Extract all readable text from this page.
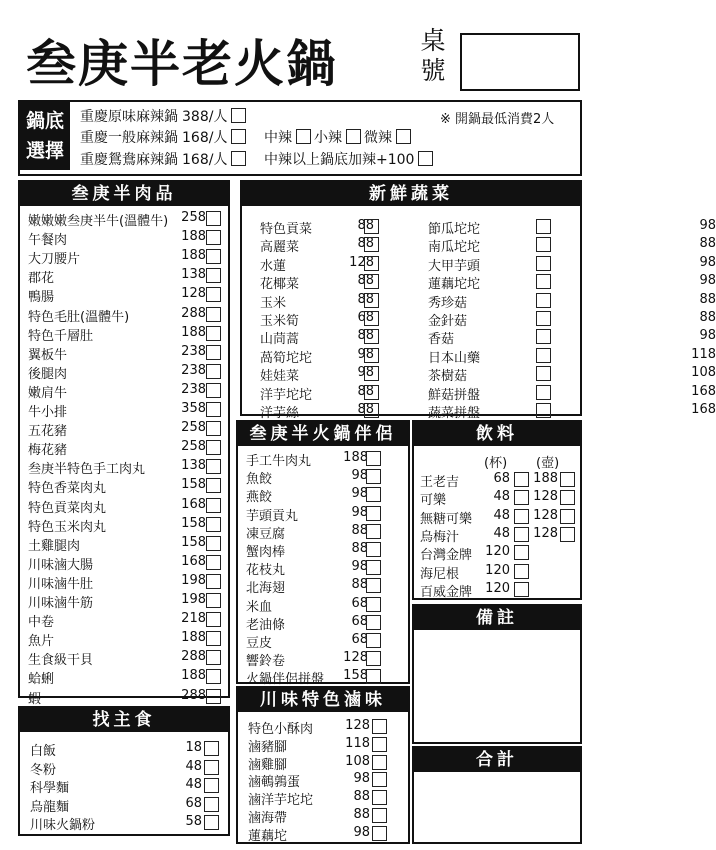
叁庚半老火鍋	桌號
鍋底
選擇
※ 開鍋最低消費2人
重慶原味麻辣鍋 388/人
重慶一般麻辣鍋 168/人
重慶鴛鴦麻辣鍋 168/人
中辣 小辣 微辣
中辣以上鍋底加辣+100
叁庚半肉品
嫩嫩嫩叁庚半牛(溫體牛) 258
午餐肉	188
大刀腰片	188
郡花	138
鴨腸	128
特色毛肚(溫體牛)	288
特色千層肚	188
翼板牛	238
後腿肉	238
嫩肩牛	238
牛小排	358
五花豬	258
梅花豬	258
叁庚半特色手工肉丸	138
特色香菜肉丸	158
特色貢菜肉丸	168
特色玉米肉丸	158
土雞腿肉	158
川味滷大腸	168
川味滷牛肚	198
川味滷牛筋	198
中卷	218
魚片	188
生食級干貝	288
蛤蜊	188
蝦	288
新鮮蔬菜
特色貢菜	88
高麗菜	88
水蓮	128
花椰菜	88
玉米	88
玉米筍	68
山茼蒿	88
萵筍坨坨	98
娃娃菜	98
洋芋坨坨	88
洋芋絲	88
節瓜坨坨	98
南瓜坨坨	88
大甲芋頭	98
蓮藕坨坨	98
秀珍菇	88
金針菇	88
香菇	98
日本山藥	118
茶樹菇	108
鮮菇拼盤	168
蔬菜拼盤	168
叁庚半火鍋伴侶
手工牛肉丸 188
魚餃	98
燕餃	98
芋頭貢丸	98
凍豆腐	88
蟹肉棒	88
花枝丸	98
北海翅	88
米血	68
老油條	68
豆皮	68
響鈴卷	128
火鍋伴侶拼盤 158
飲料
(杯) (壺)
王老吉	68 188
可樂	48 128
無糖可樂 48 128
烏梅汁	48 128
台灣金牌 120
海尼根 120
百威金牌 120
備註
合計
找主食
白飯	18
冬粉	48
科學麵	48
烏龍麵	68
川味火鍋粉	58
川味特色滷味
特色小酥肉 128
滷豬腳	118
滷雞腳	108
滷鵪鶉蛋	98
滷洋芋坨坨	88
滷海帶	88
蓮藕坨	98
